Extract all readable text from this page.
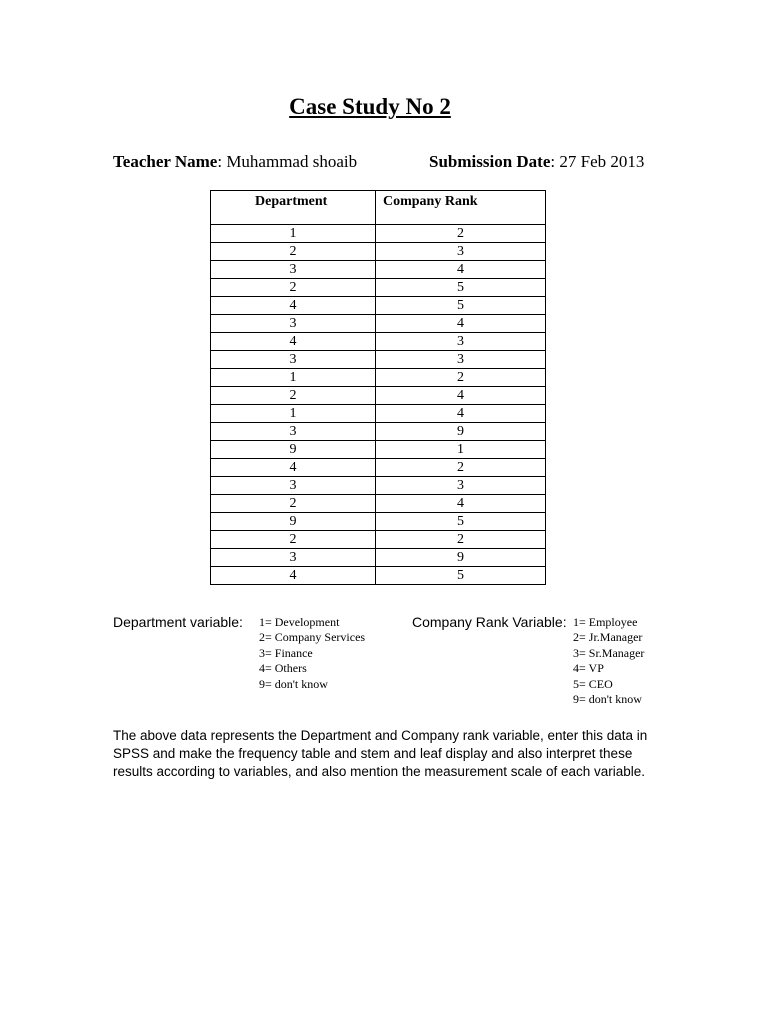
Case Study No 2
Teacher Name: Muhammad shoaib	Submission Date: 27 Feb 2013
Department	Company Rank
1	2
2	3
3	4
2	5
4	5
3	4
4	3
3	3
1	2
2	4
1	4
3	9
9	1
4	2
3	3
2	4
9	5
2	2
3	9
4	5
Department variable: 1= Development
2= Company Services
3= Finance
4= Others
9= don't know
Company Rank Variable: 1= Employee
2= Jr.Manager
3= Sr.Manager
4= VP
5= CEO
9= don't know
The above data represents the Department and Company rank variable, enter this data in SPSS and make the frequency table and stem and leaf display and also interpret these results according to variables, and also mention the measurement scale of each variable.
